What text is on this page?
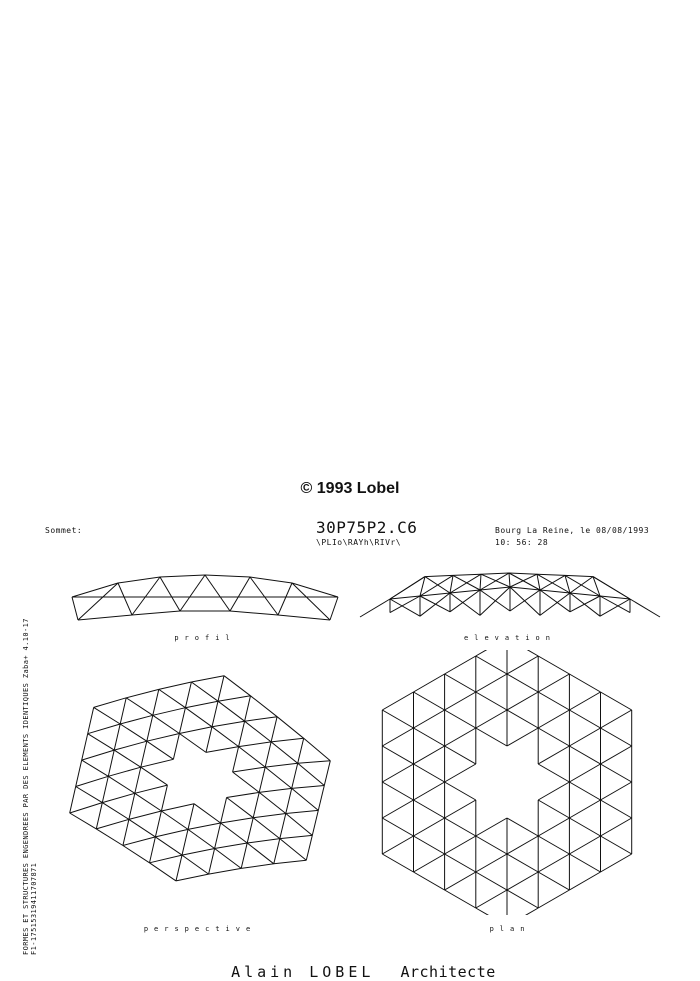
© 1993 Lobel
Sommet:	30P75P2.C6
\PLIo\RAYh\RIVr\
Bourg La Reine, le 08/08/1993
10: 56: 28
FORMES ET STRUCTURES ENGENDREES PAR DES ELEMENTS IDENTIQUES Zaba+ 4.10-17 F1-17515319411707871
profil	elevation
perspective	plan

Alain LOBEL Architecte
